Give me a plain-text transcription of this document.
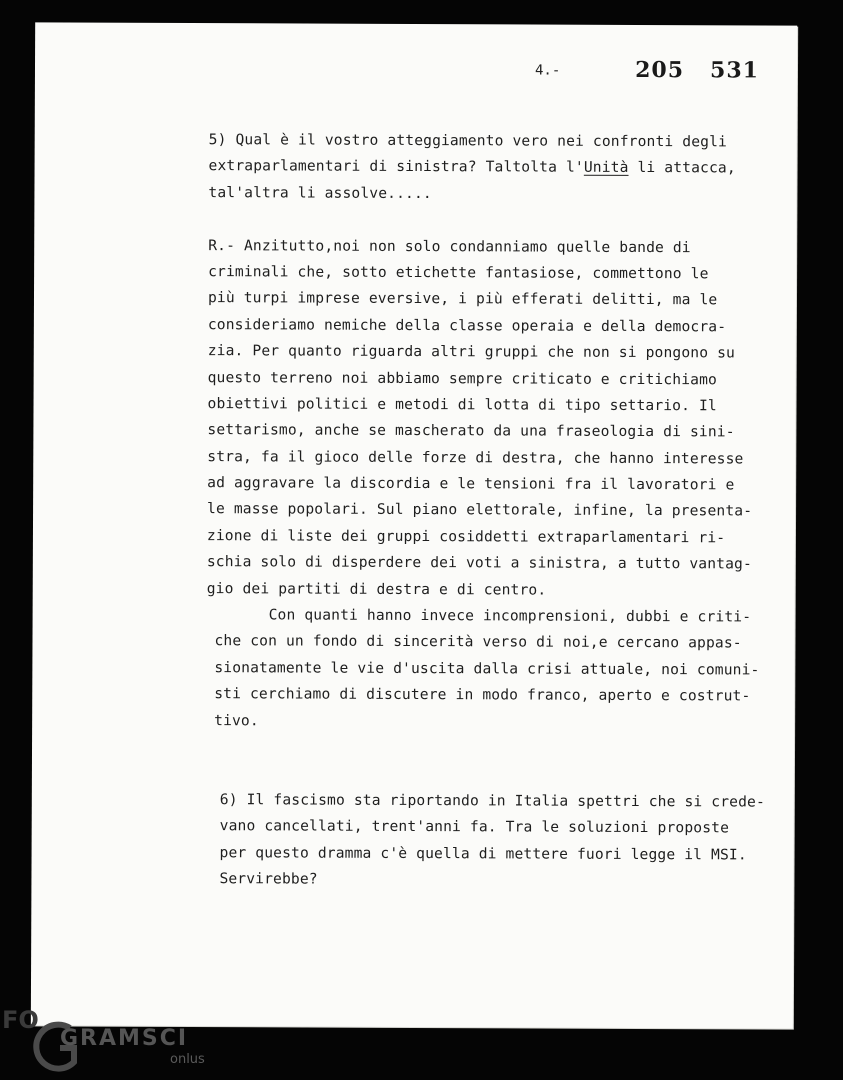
205 531
4.-
5) Qual è il vostro atteggiamento vero nei confronti degli
extraparlamentari di sinistra? Taltolta l'Unità li attacca,
tal'altra li assolve.....
R.- Anzitutto,noi non solo condanniamo quelle bande di
criminali che, sotto etichette fantasiose, commettono le
più turpi imprese eversive, i più efferati delitti, ma le
consideriamo nemiche della classe operaia e della democra-
zia. Per quanto riguarda altri gruppi che non si pongono su
questo terreno noi abbiamo sempre criticato e critichiamo
obiettivi politici e metodi di lotta di tipo settario. Il
settarismo, anche se mascherato da una fraseologia di sini-
stra, fa il gioco delle forze di destra, che hanno interesse
ad aggravare la discordia e le tensioni fra il lavoratori e
le masse popolari. Sul piano elettorale, infine, la presenta-
zione di liste dei gruppi cosiddetti extraparlamentari ri-
schia solo di disperdere dei voti a sinistra, a tutto vantag-
gio dei partiti di destra e di centro.
Con quanti hanno invece incomprensioni, dubbi e criti-
che con un fondo di sincerità verso di noi,e cercano appas-
sionatamente le vie d'uscita dalla crisi attuale, noi comuni-
sti cerchiamo di discutere in modo franco, aperto e costrut-
tivo.
6) Il fascismo sta riportando in Italia spettri che si crede-
vano cancellati, trent'anni fa. Tra le soluzioni proposte
per questo dramma c'è quella di mettere fuori legge il MSI.
Servirebbe?
FO
GRAMSCI
onlus
